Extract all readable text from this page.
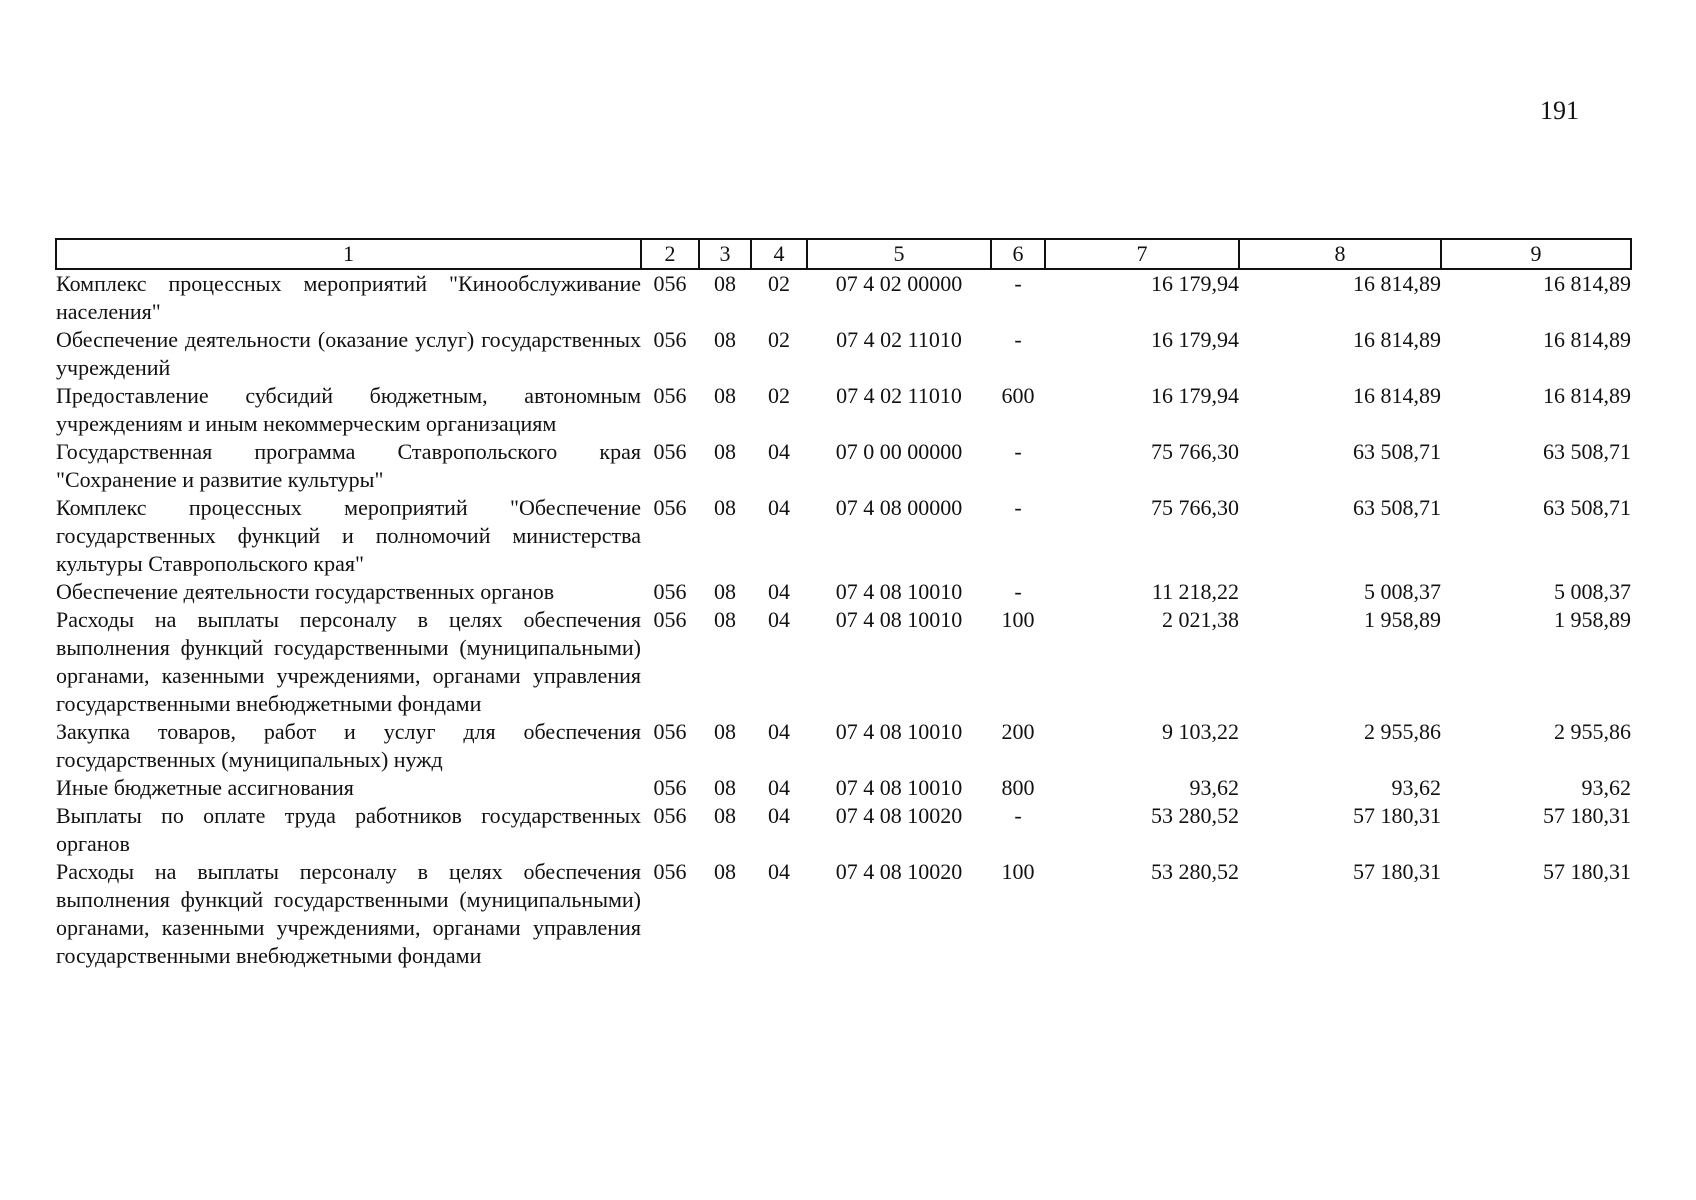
191
1	2	3	4	5	6	7	8	9
Комплекс процессных мероприятий "Кинообслуживание населения"	056	08	02	07 4 02 00000	-	16 179,94	16 814,89	16 814,89
Обеспечение деятельности (оказание услуг) государственных учреждений	056	08	02	07 4 02 11010	-	16 179,94	16 814,89	16 814,89
Предоставление субсидий бюджетным, автономным учреждениям и иным некоммерческим организациям	056	08	02	07 4 02 11010	600	16 179,94	16 814,89	16 814,89
Государственная программа Ставропольского края "Сохранение и развитие культуры"	056	08	04	07 0 00 00000	-	75 766,30	63 508,71	63 508,71
Комплекс процессных мероприятий "Обеспечение государственных функций и полномочий министерства культуры Ставропольского края"	056	08	04	07 4 08 00000	-	75 766,30	63 508,71	63 508,71
Обеспечение деятельности государственных органов	056	08	04	07 4 08 10010	-	11 218,22	5 008,37	5 008,37
Расходы на выплаты персоналу в целях обеспечения выполнения функций государственными (муниципальными) органами, казенными учреждениями, органами управления государственными внебюджетными фондами	056	08	04	07 4 08 10010	100	2 021,38	1 958,89	1 958,89
Закупка товаров, работ и услуг для обеспечения государственных (муниципальных) нужд	056	08	04	07 4 08 10010	200	9 103,22	2 955,86	2 955,86
Иные бюджетные ассигнования	056	08	04	07 4 08 10010	800	93,62	93,62	93,62
Выплаты по оплате труда работников государственных органов	056	08	04	07 4 08 10020	-	53 280,52	57 180,31	57 180,31
Расходы на выплаты персоналу в целях обеспечения выполнения функций государственными (муниципальными) органами, казенными учреждениями, органами управления государственными внебюджетными фондами	056	08	04	07 4 08 10020	100	53 280,52	57 180,31	57 180,31
